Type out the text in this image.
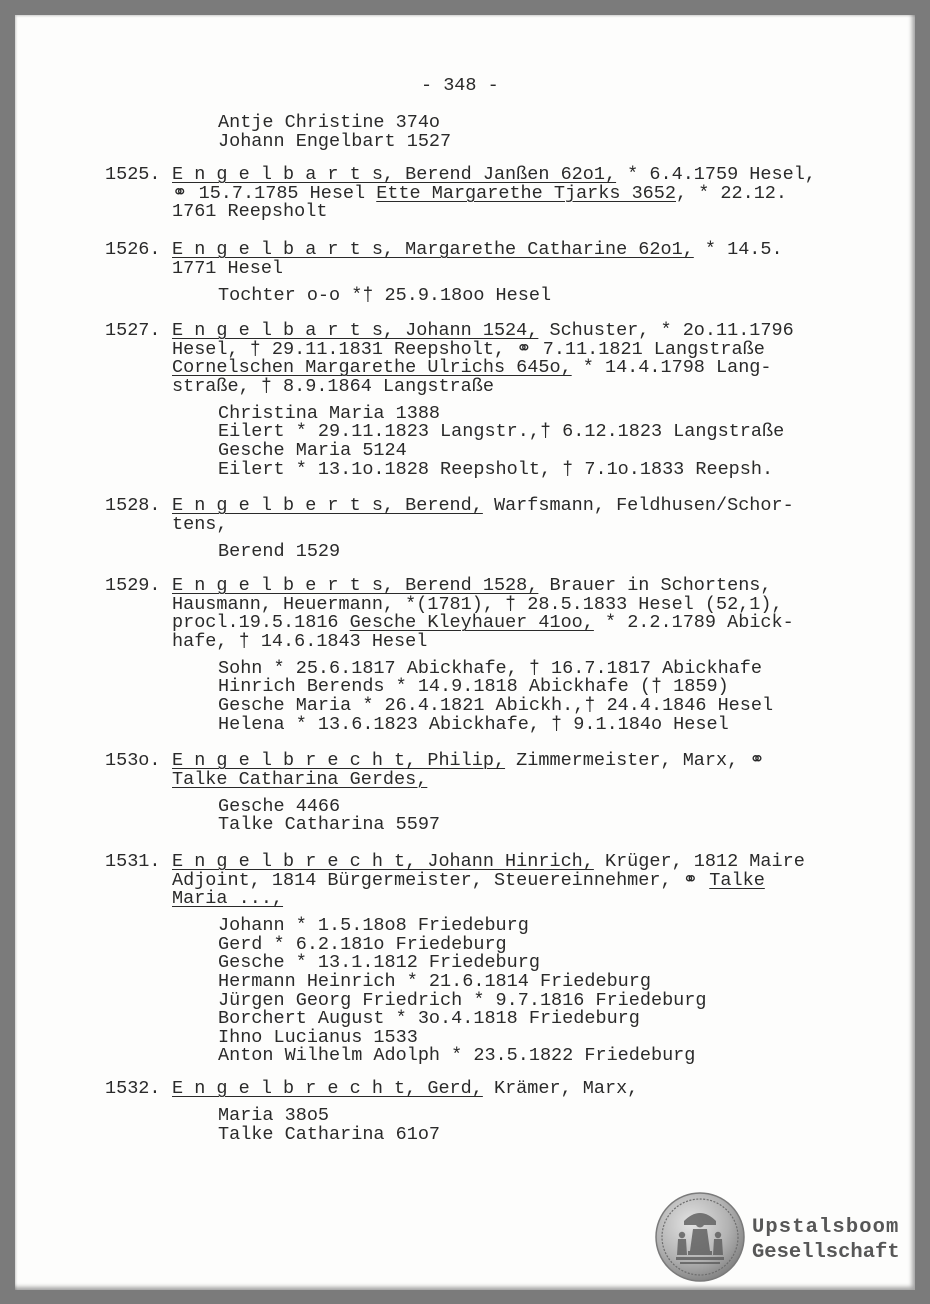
- 348 -
Antje Christine 374o
Johann Engelbart 1527
1525. E n g e l b a r t s, Berend Janßen 62o1, * 6.4.1759 Hesel,
⚭ 15.7.1785 Hesel Ette Margarethe Tjarks 3652, * 22.12.
1761 Reepsholt
1526. E n g e l b a r t s, Margarethe Catharine 62o1, * 14.5.
1771 Hesel
Tochter o-o *† 25.9.18oo Hesel
1527. E n g e l b a r t s, Johann 1524, Schuster, * 2o.11.1796
Hesel, † 29.11.1831 Reepsholt, ⚭ 7.11.1821 Langstraße
Cornelschen Margarethe Ulrichs 645o, * 14.4.1798 Lang-
straße, † 8.9.1864 Langstraße
Christina Maria 1388
Eilert * 29.11.1823 Langstr.,† 6.12.1823 Langstraße
Gesche Maria 5124
Eilert * 13.1o.1828 Reepsholt, † 7.1o.1833 Reepsh.
1528. E n g e l b e r t s, Berend, Warfsmann, Feldhusen/Schor-
tens,
Berend 1529
1529. E n g e l b e r t s, Berend 1528, Brauer in Schortens,
Hausmann, Heuermann, *(1781), † 28.5.1833 Hesel (52,1),
procl.19.5.1816 Gesche Kleyhauer 41oo, * 2.2.1789 Abick-
hafe, † 14.6.1843 Hesel
Sohn * 25.6.1817 Abickhafe, † 16.7.1817 Abickhafe
Hinrich Berends * 14.9.1818 Abickhafe († 1859)
Gesche Maria * 26.4.1821 Abickh.,† 24.4.1846 Hesel
Helena * 13.6.1823 Abickhafe, † 9.1.184o Hesel
153o. E n g e l b r e c h t, Philip, Zimmermeister, Marx, ⚭
Talke Catharina Gerdes,
Gesche 4466
Talke Catharina 5597
1531. E n g e l b r e c h t, Johann Hinrich, Krüger, 1812 Maire
Adjoint, 1814 Bürgermeister, Steuereinnehmer, ⚭ Talke
Maria ...,
Johann * 1.5.18o8 Friedeburg
Gerd * 6.2.181o Friedeburg
Gesche * 13.1.1812 Friedeburg
Hermann Heinrich * 21.6.1814 Friedeburg
Jürgen Georg Friedrich * 9.7.1816 Friedeburg
Borchert August * 3o.4.1818 Friedeburg
Ihno Lucianus 1533
Anton Wilhelm Adolph * 23.5.1822 Friedeburg
1532. E n g e l b r e c h t, Gerd, Krämer, Marx,
Maria 38o5
Talke Catharina 61o7
Upstalsboom
Gesellschaft
